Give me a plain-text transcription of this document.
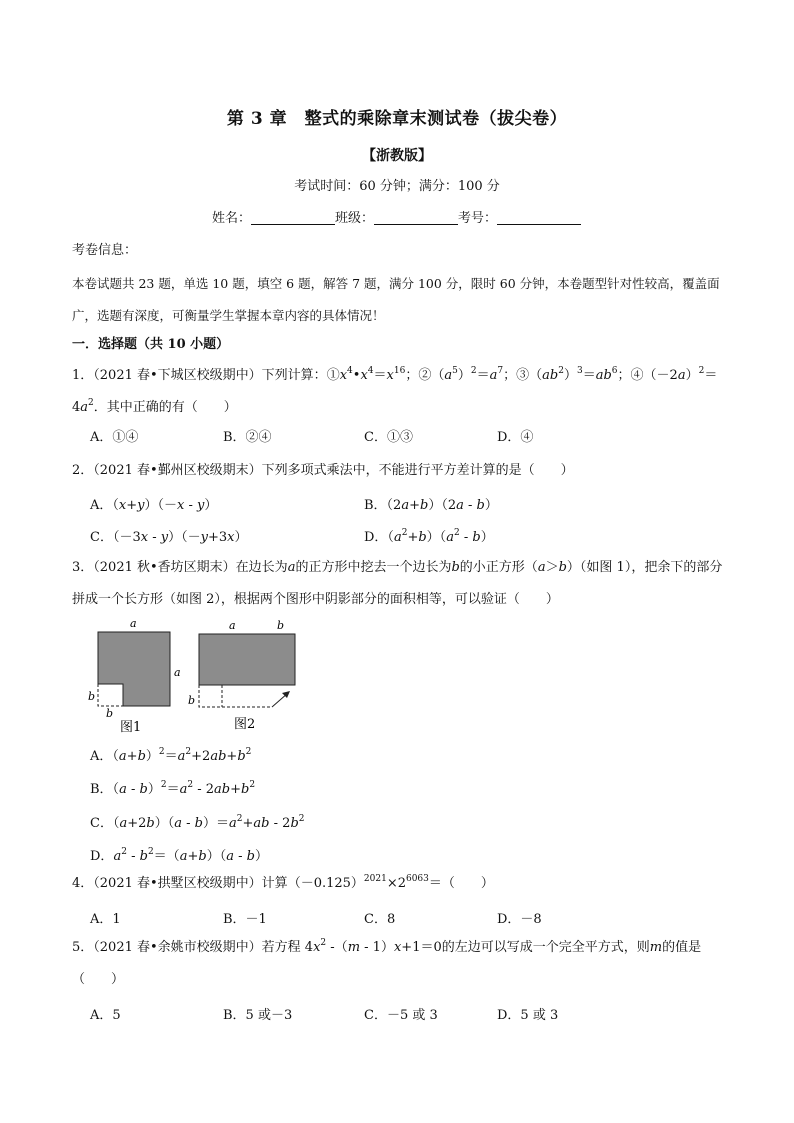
第 3 章　整式的乘除章末测试卷（拔尖卷）
【浙教版】
考试时间：60 分钟；满分：100 分
姓名：	班级：	考号：
考卷信息：
本卷试题共 23 题，单选 10 题，填空 6 题，解答 7 题，满分 100 分，限时 60 分钟，本卷题型针对性较高，覆盖面广，选题有深度，可衡量学生掌握本章内容的具体情况！
一．选择题（共 10 小题）
1．（2021 春•下城区校级期中）下列计算：$①x^4•x^4=x^{16}$；$②(a^5)^2=a^7$；$③(ab^2)^3=ab^6$；$④(-2a)^2=4a^2$．其中正确的有（　　）
A．①④	B．②④	C．①③	D．④
2．（2021 春•鄞州区校级期末）下列多项式乘法中，不能进行平方差计算的是（　　）
A．（x+y）（－x - y）	B．（2a+b）（2a - b）
C．（－3x - y）（－y+3x）	D．$(a^2+b)(a^2 - b)$
3．（2021 秋•香坊区期末）在边长为a的正方形中挖去一个边长为b的小正方形（a＞b）（如图 1），把余下的部分拼成一个长方形（如图 2），根据两个图形中阴影部分的面积相等，可以验证（　　）
a
a
b
b
图1
a	b
b
图2
A．$(a+b)^2=a^2+2ab+b^2$
B．$(a - b)^2=a^2 - 2ab+b^2$
C．$(a+2b)(a - b)=a^2+ab - 2b^2$
D．$a^2 - b^2=(a+b)(a - b)$
4．（2021 春•拱墅区校级期中）计算$(-0.125)^{2021}\times 2^{6063}=$（　　）
A．1	B．－1	C．8	D．－8
5．（2021 春•余姚市校级期中）若方程 $4x^2$ -（m - 1）x+1＝0的左边可以写成一个完全平方式，则m的值是（　　）
A．5	B．5 或－3	C．－5 或 3	D．5 或 3
